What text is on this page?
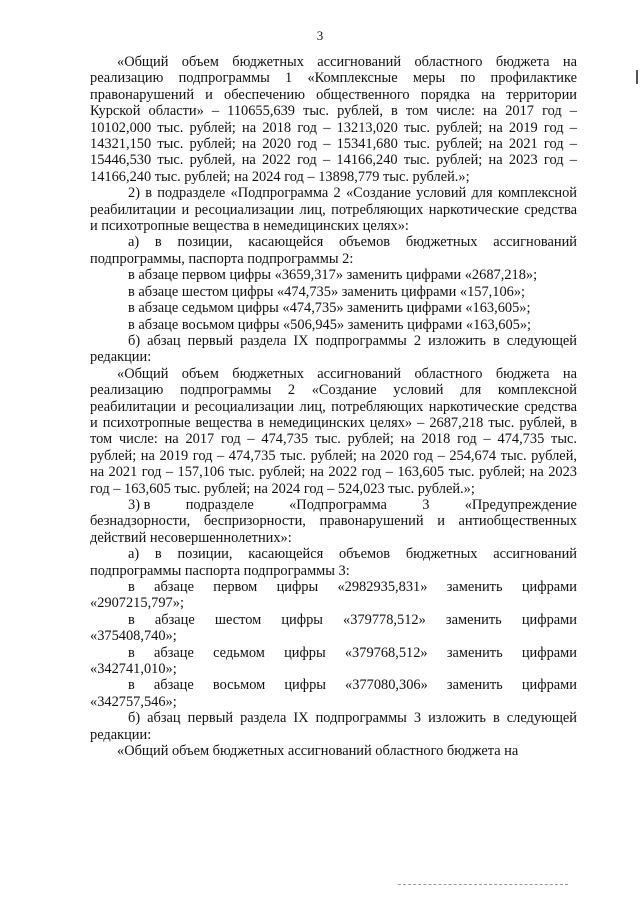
3

«Общий объем бюджетных ассигнований областного бюджета на реализацию подпрограммы 1 «Комплексные меры по профилактике правонарушений и обеспечению общественного порядка на территории Курской области» – 110655,639 тыс. рублей, в том числе: на 2017 год – 10102,000 тыс. рублей; на 2018 год – 13213,020 тыс. рублей; на 2019 год – 14321,150 тыс. рублей; на 2020 год – 15341,680 тыс. рублей; на 2021 год – 15446,530 тыс. рублей, на 2022 год – 14166,240 тыс. рублей; на 2023 год – 14166,240 тыс. рублей; на 2024 год – 13898,779 тыс. рублей.»;

2) в подразделе «Подпрограмма 2 «Создание условий для комплексной реабилитации и ресоциализации лиц, потребляющих наркотические средства и психотропные вещества в немедицинских целях»:

а) в позиции, касающейся объемов бюджетных ассигнований подпрограммы, паспорта подпрограммы 2:

в абзаце первом цифры «3659,317» заменить цифрами «2687,218»;

в абзаце шестом цифры «474,735» заменить цифрами «157,106»;

в абзаце седьмом цифры «474,735» заменить цифрами «163,605»;

в абзаце восьмом цифры «506,945» заменить цифрами «163,605»;

б) абзац первый раздела IX подпрограммы 2 изложить в следующей редакции:

«Общий объем бюджетных ассигнований областного бюджета на реализацию подпрограммы 2 «Создание условий для комплексной реабилитации и ресоциализации лиц, потребляющих наркотические средства и психотропные вещества в немедицинских целях» – 2687,218 тыс. рублей, в том числе: на 2017 год – 474,735 тыс. рублей; на 2018 год – 474,735 тыс. рублей; на 2019 год – 474,735 тыс. рублей; на 2020 год – 254,674 тыс. рублей, на 2021 год – 157,106 тыс. рублей; на 2022 год – 163,605 тыс. рублей; на 2023 год – 163,605 тыс. рублей; на 2024 год – 524,023 тыс. рублей.»;

3) в подразделе «Подпрограмма 3 «Предупреждение

безнадзорности, беспризорности, правонарушений и антиобщественных действий несовершеннолетних»:

а) в позиции, касающейся объемов бюджетных ассигнований подпрограммы паспорта подпрограммы 3:

в абзаце первом цифры «2982935,831» заменить цифрами

«2907215,797»;

в абзаце шестом цифры «379778,512» заменить цифрами

«375408,740»;

в абзаце седьмом цифры «379768,512» заменить цифрами

«342741,010»;

в абзаце восьмом цифры «377080,306» заменить цифрами

«342757,546»;

б) абзац первый раздела IX подпрограммы 3 изложить в следующей редакции:

«Общий объем бюджетных ассигнований областного бюджета на
